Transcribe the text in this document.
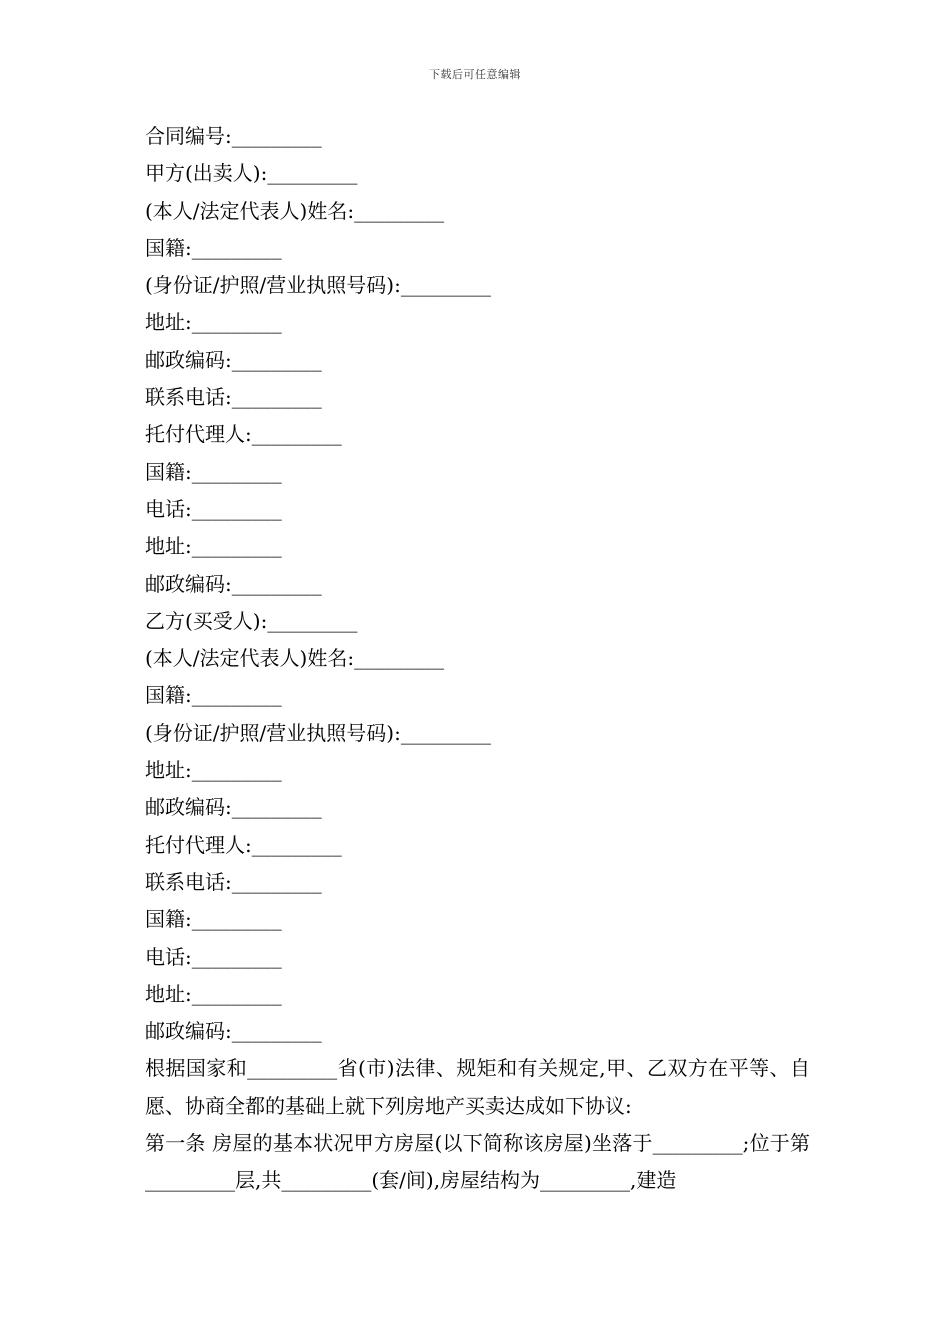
下载后可任意编辑
合同编号:_________
甲方(出卖人):_________
(本人/法定代表人)姓名:_________
国籍:_________
(身份证/护照/营业执照号码):_________
地址:_________
邮政编码:_________
联系电话:_________
托付代理人:_________
国籍:_________
电话:_________
地址:_________
邮政编码:_________
乙方(买受人):_________
(本人/法定代表人)姓名:_________
国籍:_________
(身份证/护照/营业执照号码):_________
地址:_________
邮政编码:_________
托付代理人:_________
联系电话:_________
国籍:_________
电话:_________
地址:_________
邮政编码:_________
根据国家和_________省(市)法律、规矩和有关规定,甲、乙双方在平等、自愿、协商全都的基础上就下列房地产买卖达成如下协议:
第一条 房屋的基本状况甲方房屋(以下简称该房屋)坐落于_________;位于第_________层,共_________(套/间),房屋结构为_________,建造
